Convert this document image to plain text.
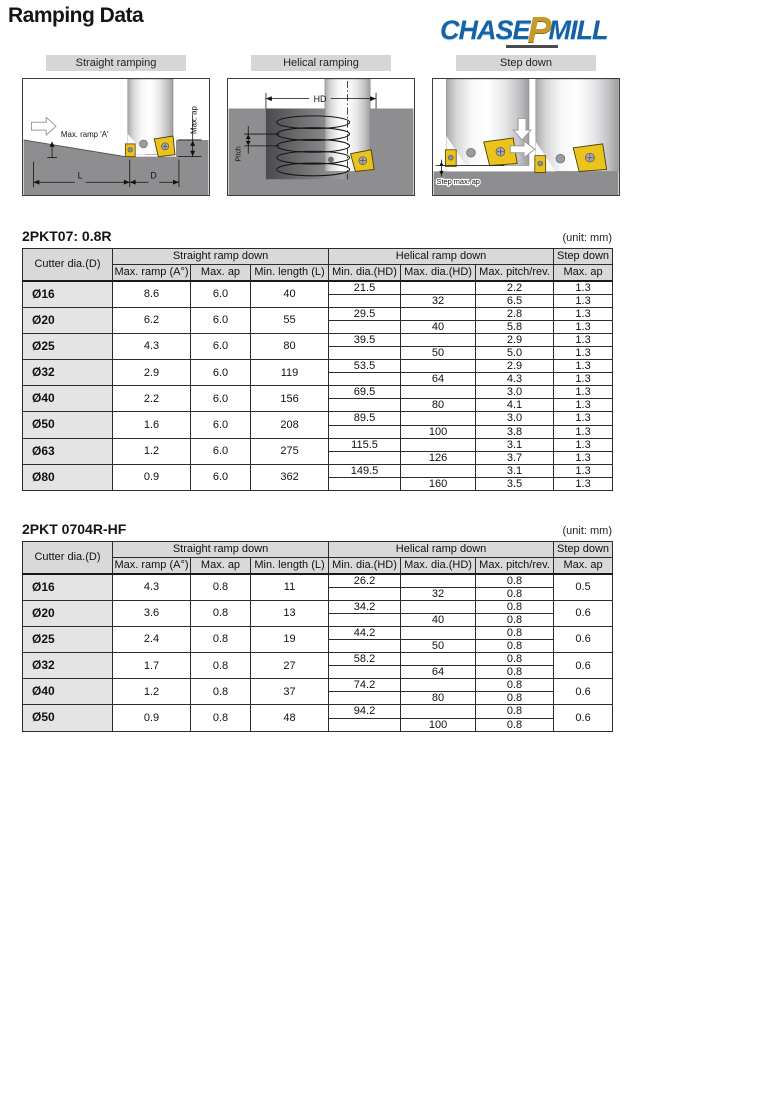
Ramping Data	CHASEPMILL
Straight ramping
Max. ramp 'A'
Max. ap
L	D
Helical ramping
HD
Pitch
Step down
Step max. ap
2PKT07: 0.8R	(unit: mm)
Cutter dia.(D)	Straight ramp down			Helical ramp down			Step down
	Max. ramp (A°)	Max. ap	Min. length (L)	Min. dia.(HD)	Max. dia.(HD)	Max. pitch/rev.	Max. ap
Ø16	8.6	6.0	40	21.5		2.2	1.3
					32	6.5	1.3
Ø20	6.2	6.0	55	29.5		2.8	1.3
					40	5.8	1.3
Ø25	4.3	6.0	80	39.5		2.9	1.3
					50	5.0	1.3
Ø32	2.9	6.0	119	53.5		2.9	1.3
					64	4.3	1.3
Ø40	2.2	6.0	156	69.5		3.0	1.3
					80	4.1	1.3
Ø50	1.6	6.0	208	89.5		3.0	1.3
					100	3.8	1.3
Ø63	1.2	6.0	275	115.5		3.1	1.3
					126	3.7	1.3
Ø80	0.9	6.0	362	149.5		3.1	1.3
					160	3.5	1.3
2PKT 0704R-HF	(unit: mm)
Cutter dia.(D)	Straight ramp down			Helical ramp down			Step down
	Max. ramp (A°)	Max. ap	Min. length (L)	Min. dia.(HD)	Max. dia.(HD)	Max. pitch/rev.	Max. ap
Ø16	4.3	0.8	11	26.2		0.8	0.5
					32	0.8	
Ø20	3.6	0.8	13	34.2		0.8	0.6
					40	0.8	
Ø25	2.4	0.8	19	44.2		0.8	0.6
					50	0.8	
Ø32	1.7	0.8	27	58.2		0.8	0.6
					64	0.8	
Ø40	1.2	0.8	37	74.2		0.8	0.6
					80	0.8	
Ø50	0.9	0.8	48	94.2		0.8	0.6
					100	0.8	
